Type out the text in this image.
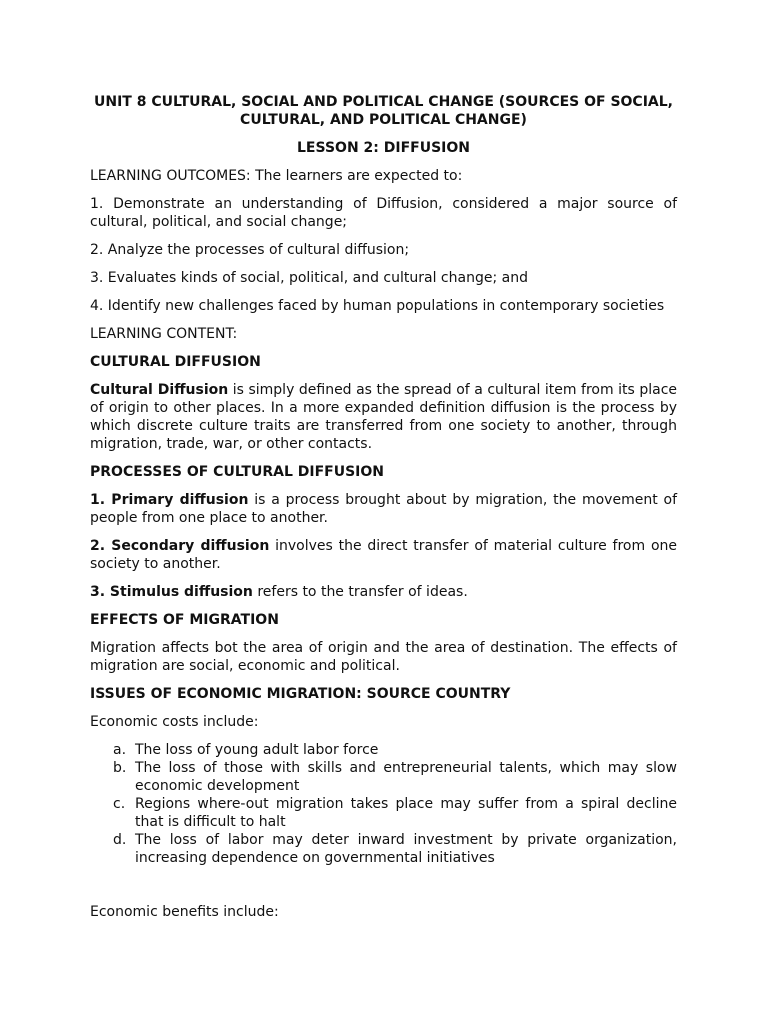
UNIT 8 CULTURAL, SOCIAL AND POLITICAL CHANGE (SOURCES OF SOCIAL, CULTURAL, AND POLITICAL CHANGE)
LESSON 2: DIFFUSION

LEARNING OUTCOMES: The learners are expected to:

1. Demonstrate an understanding of Diffusion, considered a major source of cultural, political, and social change;

2. Analyze the processes of cultural diffusion;

3. Evaluates kinds of social, political, and cultural change; and

4. Identify new challenges faced by human populations in contemporary societies

LEARNING CONTENT:

CULTURAL DIFFUSION

Cultural Diffusion is simply defined as the spread of a cultural item from its place of origin to other places. In a more expanded definition diffusion is the process by which discrete culture traits are transferred from one society to another, through migration, trade, war, or other contacts.

PROCESSES OF CULTURAL DIFFUSION

1. Primary diffusion is a process brought about by migration, the movement of people from one place to another.

2. Secondary diffusion involves the direct transfer of material culture from one society to another.

3. Stimulus diffusion refers to the transfer of ideas.

EFFECTS OF MIGRATION

Migration affects bot the area of origin and the area of destination. The effects of migration are social, economic and political.

ISSUES OF ECONOMIC MIGRATION: SOURCE COUNTRY

Economic costs include:

a. The loss of young adult labor force
b. The loss of those with skills and entrepreneurial talents, which may slow economic development
c. Regions where-out migration takes place may suffer from a spiral decline that is difficult to halt
d. The loss of labor may deter inward investment by private organization, increasing dependence on governmental initiatives

Economic benefits include:
